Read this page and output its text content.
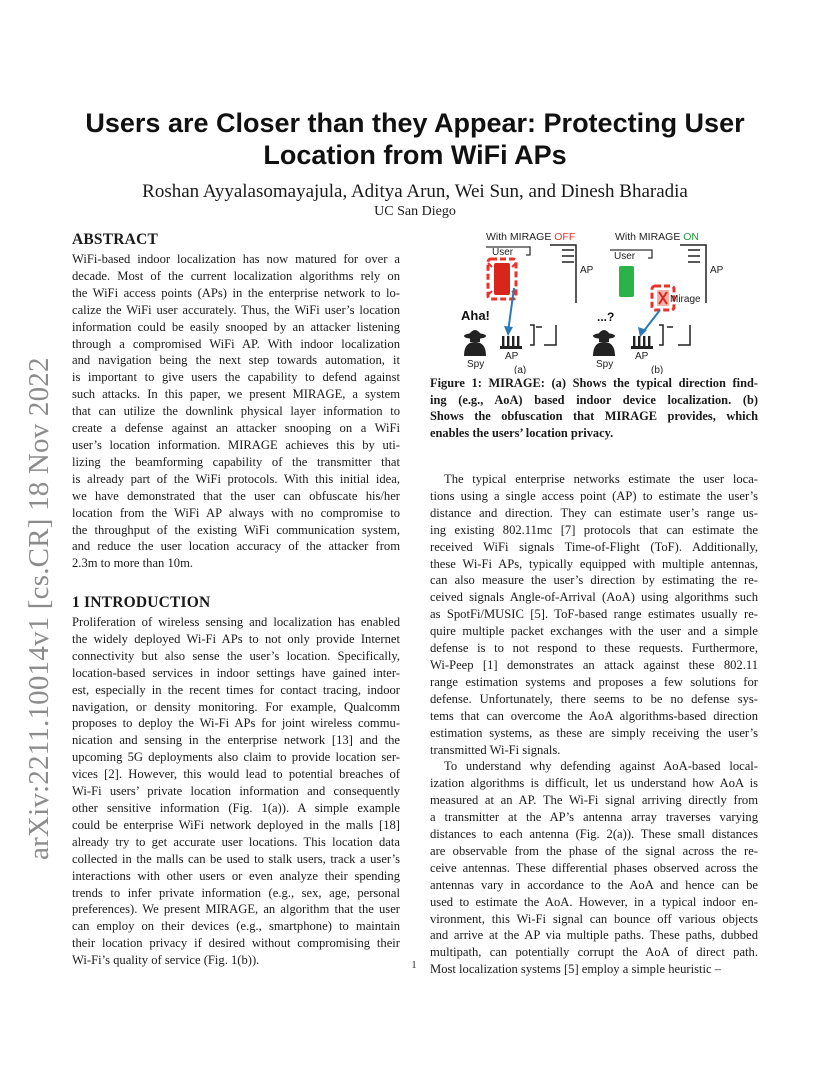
Users are Closer than they Appear: Protecting User
Location from WiFi APs
Roshan Ayyalasomayajula, Aditya Arun, Wei Sun, and Dinesh Bharadia
UC San Diego
arXiv:2211.10014v1 [cs.CR] 18 Nov 2022
ABSTRACT
WiFi-based indoor localization has now matured for over a
decade. Most of the current localization algorithms rely on
the WiFi access points (APs) in the enterprise network to lo-
calize the WiFi user accurately. Thus, the WiFi user’s location
information could be easily snooped by an attacker listening
through a compromised WiFi AP. With indoor localization
and navigation being the next step towards automation, it
is important to give users the capability to defend against
such attacks. In this paper, we present MIRAGE, a system
that can utilize the downlink physical layer information to
create a defense against an attacker snooping on a WiFi
user’s location information. MIRAGE achieves this by uti-
lizing the beamforming capability of the transmitter that
is already part of the WiFi protocols. With this initial idea,
we have demonstrated that the user can obfuscate his/her
location from the WiFi AP always with no compromise to
the throughput of the existing WiFi communication system,
and reduce the user location accuracy of the attacker from
2.3m to more than 10m.
1 INTRODUCTION
Proliferation of wireless sensing and localization has enabled
the widely deployed Wi-Fi APs to not only provide Internet
connectivity but also sense the user’s location. Specifically,
location-based services in indoor settings have gained inter-
est, especially in the recent times for contact tracing, indoor
navigation, or density monitoring. For example, Qualcomm
proposes to deploy the Wi-Fi APs for joint wireless commu-
nication and sensing in the enterprise network [13] and the
upcoming 5G deployments also claim to provide location ser-
vices [2]. However, this would lead to potential breaches of
Wi-Fi users’ private location information and consequently
other sensitive information (Fig. 1(a)). A simple example
could be enterprise WiFi network deployed in the malls [18]
already try to get accurate user locations. This location data
collected in the malls can be used to stalk users, track a user’s
interactions with other users or even analyze their spending
trends to infer private information (e.g., sex, age, personal
preferences). We present MIRAGE, an algorithm that the user
can employ on their devices (e.g., smartphone) to maintain
their location privacy if desired without compromising their
Wi-Fi’s quality of service (Fig. 1(b)).
With MIRAGE OFF	With MIRAGE ON
User
AP
Aha!
Spy
AP
(a)
User
AP
Mirage
...?
Spy
AP
(b)
Figure 1: MIRAGE: (a) Shows the typical direction find-
ing (e.g., AoA) based indoor device localization. (b)
Shows the obfuscation that MIRAGE provides, which
enables the users’ location privacy.
The typical enterprise networks estimate the user loca-
tions using a single access point (AP) to estimate the user’s
distance and direction. They can estimate user’s range us-
ing existing 802.11mc [7] protocols that can estimate the
received WiFi signals Time-of-Flight (ToF). Additionally,
these Wi-Fi APs, typically equipped with multiple antennas,
can also measure the user’s direction by estimating the re-
ceived signals Angle-of-Arrival (AoA) using algorithms such
as SpotFi/MUSIC [5]. ToF-based range estimates usually re-
quire multiple packet exchanges with the user and a simple
defense is to not respond to these requests. Furthermore,
Wi-Peep [1] demonstrates an attack against these 802.11
range estimation systems and proposes a few solutions for
defense. Unfortunately, there seems to be no defense sys-
tems that can overcome the AoA algorithms-based direction
estimation systems, as these are simply receiving the user’s
transmitted Wi-Fi signals.
To understand why defending against AoA-based local-
ization algorithms is difficult, let us understand how AoA is
measured at an AP. The Wi-Fi signal arriving directly from
a transmitter at the AP’s antenna array traverses varying
distances to each antenna (Fig. 2(a)). These small distances
are observable from the phase of the signal across the re-
ceive antennas. These differential phases observed across the
antennas vary in accordance to the AoA and hence can be
used to estimate the AoA. However, in a typical indoor en-
vironment, this Wi-Fi signal can bounce off various objects
and arrive at the AP via multiple paths. These paths, dubbed
multipath, can potentially corrupt the AoA of direct path.
Most localization systems [5] employ a simple heuristic –
1
